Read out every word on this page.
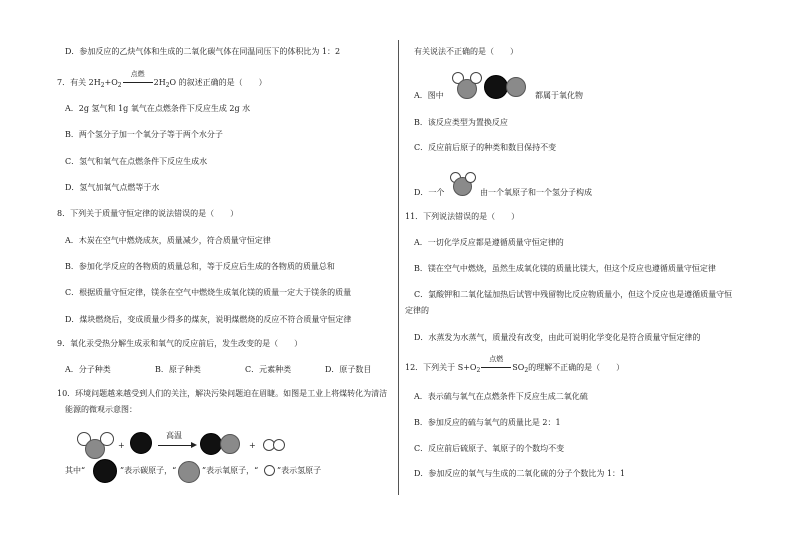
D．参加反应的乙炔气体和生成的二氧化碳气体在同温同压下的体积比为 1：2
7．有关 $2H_2+O_2$
点燃
$2H_2O$ 的叙述正确的是（　　）
A．2g 氢气和 1g 氧气在点燃条件下反应生成 2g 水
B．两个氢分子加一个氧分子等于两个水分子
C．氢气和氧气在点燃条件下反应生成水
D．氢气加氧气点燃等于水
8．下列关于质量守恒定律的说法错误的是（　　）
A．木炭在空气中燃烧成灰，质量减少，符合质量守恒定律
B．参加化学反应的各物质的质量总和，等于反应后生成的各物质的质量总和
C．根据质量守恒定律，镁条在空气中燃烧生成氧化镁的质量一定大于镁条的质量
D．煤块燃烧后，变成质量少得多的煤灰，说明煤燃烧的反应不符合质量守恒定律
9．氧化汞受热分解生成汞和氧气的反应前后，发生改变的是（　　）
A．分子种类	B．原子种类	C．元素种类	D．原子数目
10．环境问题越来越受到人们的关注，解决污染问题迫在眉睫。如图是工业上将煤转化为清洁
能源的微观示意图：
+
高温
+
其中“	”表示碳原子，“	”表示氧原子，“ ”表示氢原子
有关说法不正确的是（　　）
A．图中	都属于氧化物
B．该反应类型为置换反应
C．反应前后原子的种类和数目保持不变
D．一个	由一个氧原子和一个氢分子构成
11．下列说法错误的是（　　）
A．一切化学反应都是遵循质量守恒定律的
B．镁在空气中燃烧，虽然生成氧化镁的质量比镁大，但这个反应也遵循质量守恒定律
C．氯酸钾和二氧化锰加热后试管中残留物比反应物质量小，但这个反应也是遵循质量守恒
定律的
D．水蒸发为水蒸气，质量没有改变，由此可说明化学变化是符合质量守恒定律的
12．下列关于 $S+O_2$
点燃
$SO_2$的理解不正确的是（　　）
A．表示硫与氧气在点燃条件下反应生成二氧化硫
B．参加反应的硫与氧气的质量比是 2：1
C．反应前后硫原子、氧原子的个数均不变
D．参加反应的氧气与生成的二氧化硫的分子个数比为 1：1
